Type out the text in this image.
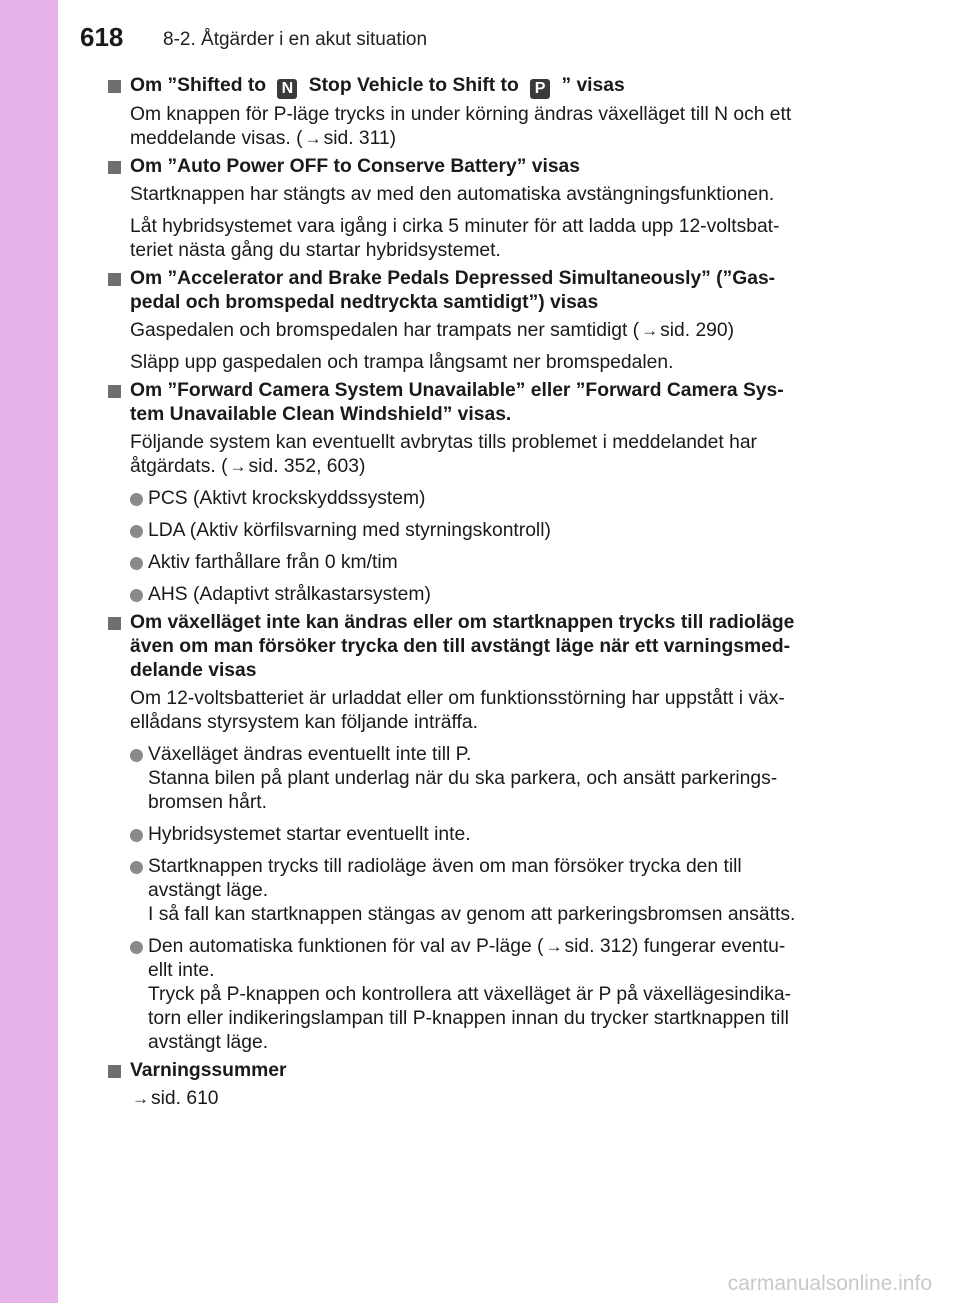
618 8-2. Åtgärder i en akut situation
Om ”Shifted to N Stop Vehicle to Shift to P ” visas
Om knappen för P-läge trycks in under körning ändras växelläget till N och ett
meddelande visas. ( → sid. 311)
Om ”Auto Power OFF to Conserve Battery” visas
Startknappen har stängts av med den automatiska avstängningsfunktionen.
Låt hybridsystemet vara igång i cirka 5 minuter för att ladda upp 12-voltsbat-
teriet nästa gång du startar hybridsystemet.
Om ”Accelerator and Brake Pedals Depressed Simultaneously” (”Gas-
pedal och bromspedal nedtryckta samtidigt”) visas
Gaspedalen och bromspedalen har trampats ner samtidigt ( → sid. 290)
Släpp upp gaspedalen och trampa långsamt ner bromspedalen.
Om ”Forward Camera System Unavailable” eller ”Forward Camera Sys-
tem Unavailable Clean Windshield” visas.
Följande system kan eventuellt avbrytas tills problemet i meddelandet har
åtgärdats. ( → sid. 352, 603)
PCS (Aktivt krockskyddssystem)
LDA (Aktiv körfilsvarning med styrningskontroll)
Aktiv farthållare från 0 km/tim
AHS (Adaptivt strålkastarsystem)
Om växelläget inte kan ändras eller om startknappen trycks till radioläge
även om man försöker trycka den till avstängt läge när ett varningsmed-
delande visas
Om 12-voltsbatteriet är urladdat eller om funktionsstörning har uppstått i väx-
ellådans styrsystem kan följande inträffa.
Växelläget ändras eventuellt inte till P.
Stanna bilen på plant underlag när du ska parkera, och ansätt parkerings-
bromsen hårt.
Hybridsystemet startar eventuellt inte.
Startknappen trycks till radioläge även om man försöker trycka den till
avstängt läge.
I så fall kan startknappen stängas av genom att parkeringsbromsen ansätts.
Den automatiska funktionen för val av P-läge ( → sid. 312) fungerar eventu-
ellt inte.
Tryck på P-knappen och kontrollera att växelläget är P på växellägesindika-
torn eller indikeringslampan till P-knappen innan du trycker startknappen till
avstängt läge.
Varningssummer
→ sid. 610
carmanualsonline.info
